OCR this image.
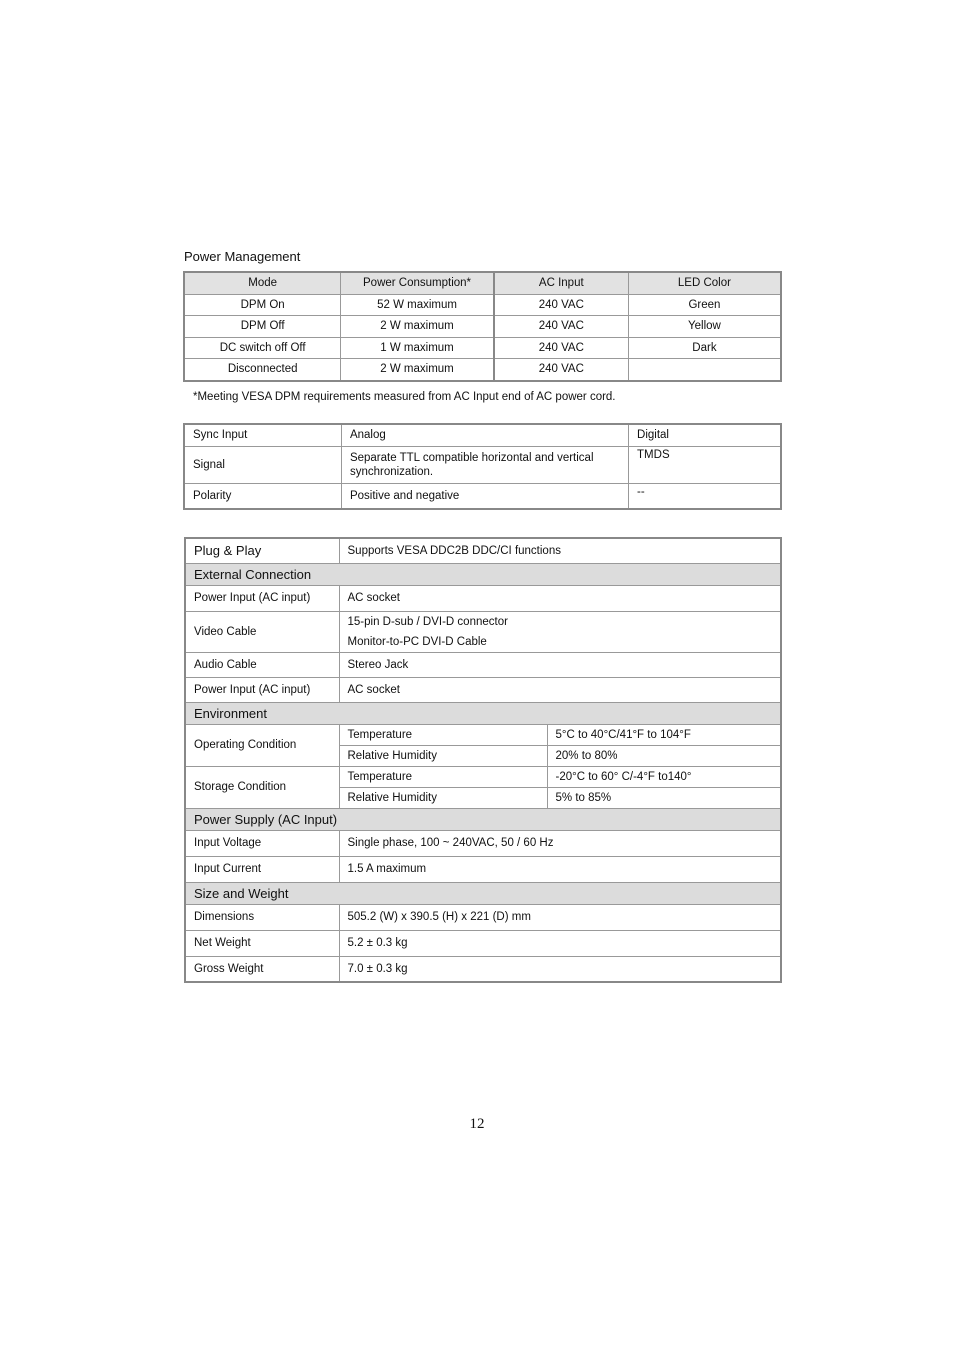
Power Management
Mode	Power Consumption*	AC Input	LED Color
DPM On	52 W maximum	240 VAC	Green
DPM Off	2 W maximum	240 VAC	Yellow
DC switch off Off	1 W maximum	240 VAC	Dark
Disconnected	2 W maximum	240 VAC	
*Meeting VESA DPM requirements measured from AC Input end of AC power cord.
Sync Input	Analog	Digital
Signal	Separate TTL compatible horizontal and vertical synchronization.	TMDS
Polarity	Positive and negative	--
Plug & Play	Supports VESA DDC2B DDC/CI functions	
External Connection		
Power Input (AC input)	AC socket	
Video Cable	15-pin D-sub / DVI-D connector
Monitor-to-PC DVI-D Cable	

Audio Cable	Stereo Jack	
Power Input (AC input)	AC socket	
Environment		
Operating Condition	Temperature	5°C to 40°C/41°F to 104°F
	Relative Humidity	20% to 80%
Storage Condition	Temperature	-20°C to 60° C/-4°F to140°
	Relative Humidity	5% to 85%
Power Supply (AC Input)		
Input Voltage	Single phase, 100 ~ 240VAC, 50 / 60 Hz	
Input Current	1.5 A maximum	
Size and Weight		
Dimensions	505.2 (W) x 390.5 (H) x 221 (D) mm	
Net Weight	5.2 ± 0.3 kg	
Gross Weight	7.0 ± 0.3 kg	
12
